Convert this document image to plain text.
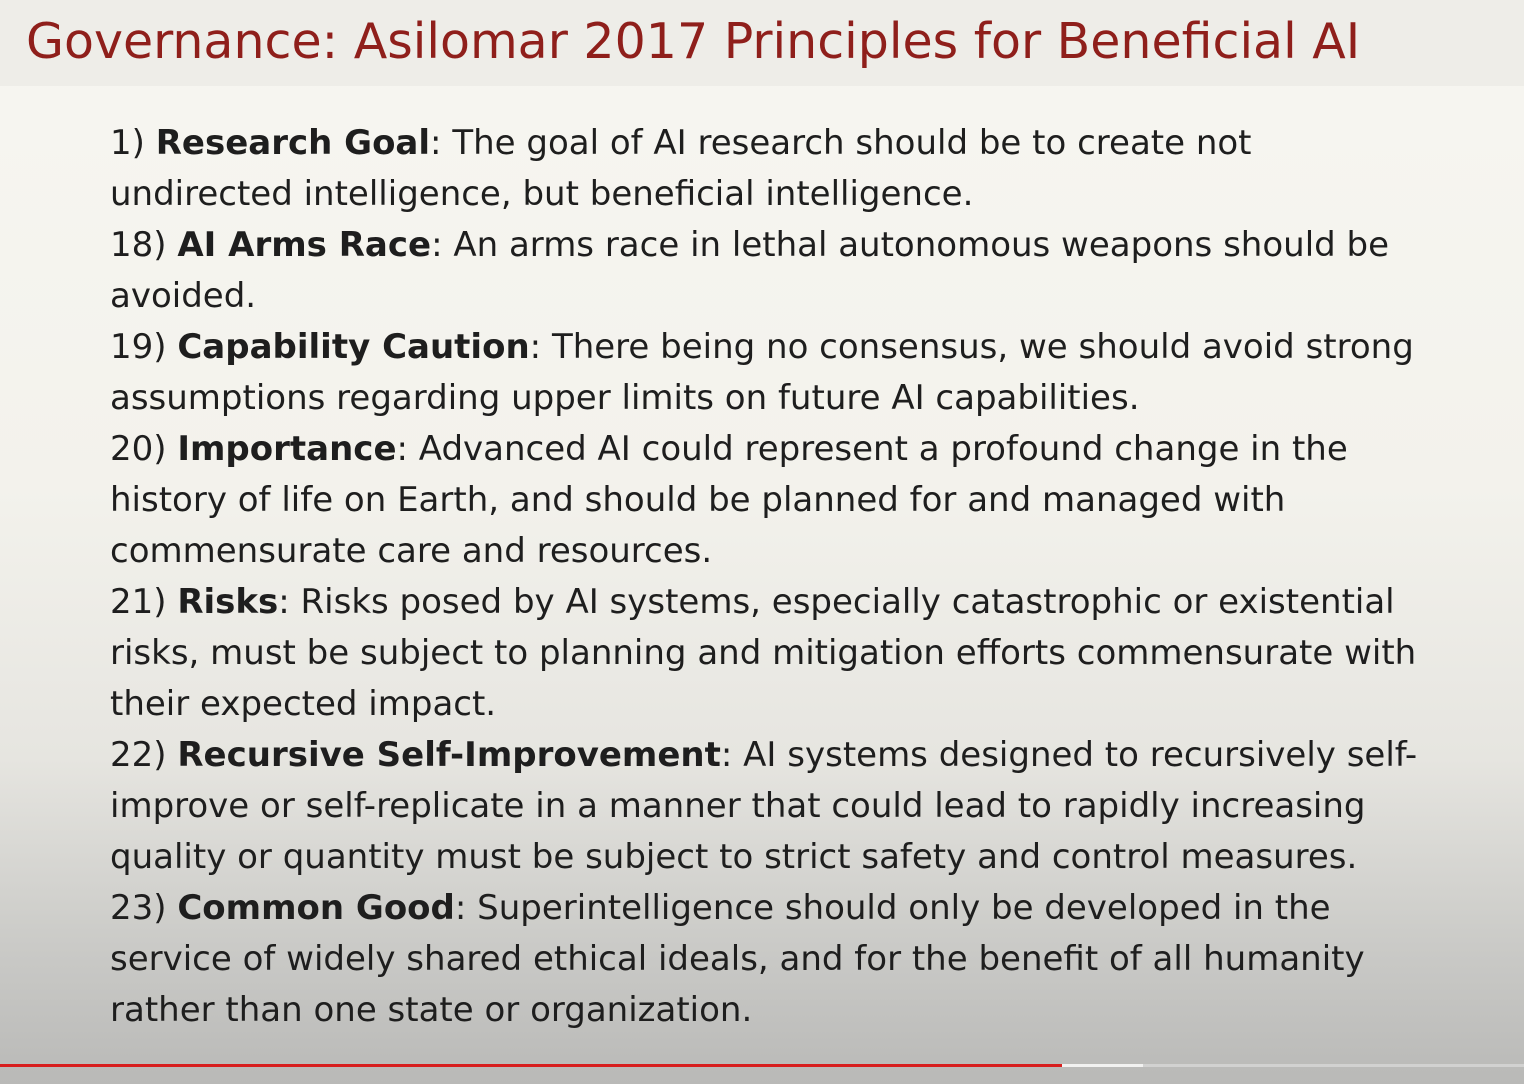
Governance: Asilomar 2017 Principles for Beneficial AI

1) Research Goal: The goal of AI research should be to create not undirected intelligence, but beneficial intelligence.

18) AI Arms Race: An arms race in lethal autonomous weapons should be avoided.

19) Capability Caution: There being no consensus, we should avoid strong assumptions regarding upper limits on future AI capabilities.

20) Importance: Advanced AI could represent a profound change in the history of life on Earth, and should be planned for and managed with commensurate care and resources.

21) Risks: Risks posed by AI systems, especially catastrophic or existential risks, must be subject to planning and mitigation efforts commensurate with their expected impact.

22) Recursive Self-Improvement: AI systems designed to recursively self-improve or self-replicate in a manner that could lead to rapidly increasing quality or quantity must be subject to strict safety and control measures.

23) Common Good: Superintelligence should only be developed in the service of widely shared ethical ideals, and for the benefit of all humanity rather than one state or organization.
